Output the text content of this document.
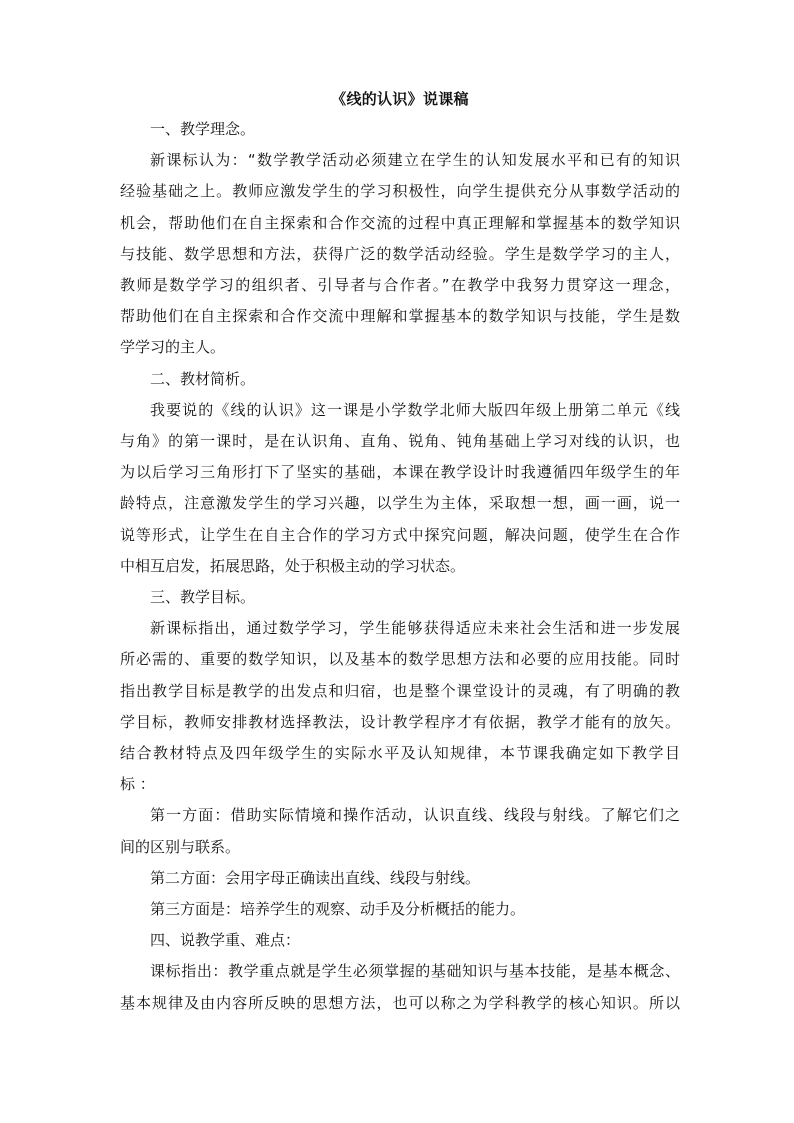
《线的认识》说课稿

一、教学理念。

新课标认为：“数学教学活动必须建立在学生的认知发展水平和已有的知识

经验基础之上。教师应激发学生的学习积极性，向学生提供充分从事数学活动的

机会，帮助他们在自主探索和合作交流的过程中真正理解和掌握基本的数学知识

与技能、数学思想和方法，获得广泛的数学活动经验。学生是数学学习的主人，

教师是数学学习的组织者、引导者与合作者。”在教学中我努力贯穿这一理念，

帮助他们在自主探索和合作交流中理解和掌握基本的数学知识与技能，学生是数

学学习的主人。

二、教材简析。

我要说的《线的认识》这一课是小学数学北师大版四年级上册第二单元《线

与角》的第一课时，是在认识角、直角、锐角、钝角基础上学习对线的认识，也

为以后学习三角形打下了坚实的基础，本课在教学设计时我遵循四年级学生的年

龄特点，注意激发学生的学习兴趣，以学生为主体，采取想一想，画一画，说一

说等形式，让学生在自主合作的学习方式中探究问题，解决问题，使学生在合作

中相互启发，拓展思路，处于积极主动的学习状态。

三、教学目标。

新课标指出，通过数学学习，学生能够获得适应未来社会生活和进一步发展

所必需的、重要的数学知识，以及基本的数学思想方法和必要的应用技能。同时

指出教学目标是教学的出发点和归宿，也是整个课堂设计的灵魂，有了明确的教

学目标，教师安排教材选择教法，设计教学程序才有依据，教学才能有的放矢。

结合教材特点及四年级学生的实际水平及认知规律，本节课我确定如下教学目

标 ：

第一方面：借助实际情境和操作活动，认识直线、线段与射线。了解它们之

间的区别与联系。

第二方面：会用字母正确读出直线、线段与射线。

第三方面是：培养学生的观察、动手及分析概括的能力。

四、说教学重、难点：

课标指出：教学重点就是学生必须掌握的基础知识与基本技能，是基本概念、

基本规律及由内容所反映的思想方法，也可以称之为学科教学的核心知识。所以
